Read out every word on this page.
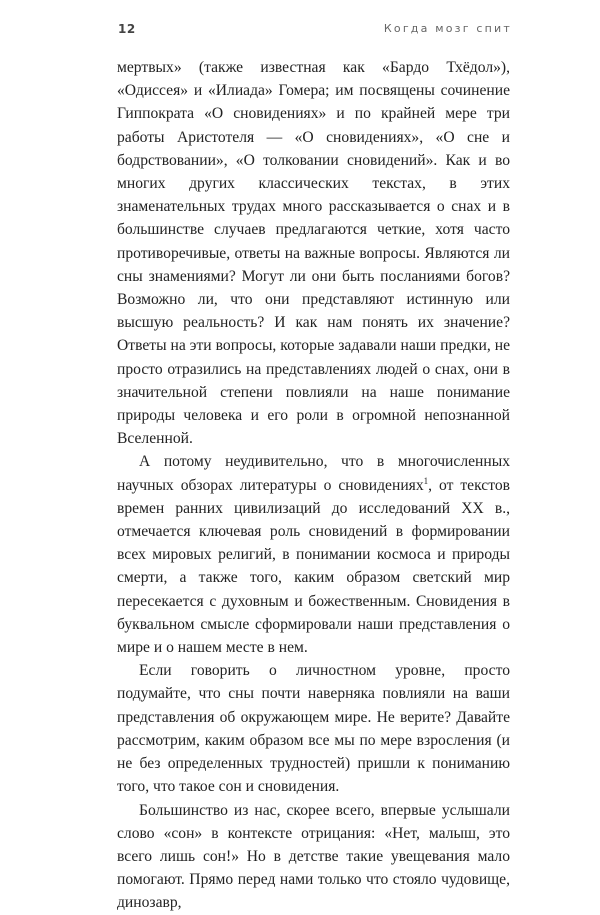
12	Когда мозг спит

мертвых» (также известная как «Бардо Тхёдол»), «Одиссея» и «Илиада» Гомера; им посвящены сочинение Гиппократа «О сновидениях» и по крайней мере три работы Аристотеля — «О сновидениях», «О сне и бодрствовании», «О толковании сновидений». Как и во многих других классических текстах, в этих знаменательных трудах много рассказывается о снах и в большинстве случаев предлагаются четкие, хотя часто противоречивые, ответы на важные вопросы. Являются ли сны знамениями? Могут ли они быть посланиями богов? Возможно ли, что они представляют истинную или высшую реальность? И как нам понять их значение? Ответы на эти вопросы, которые задавали наши предки, не просто отразились на представлениях людей о снах, они в значительной степени повлияли на наше понимание природы человека и его роли в огромной непознанной Вселенной.

А потому неудивительно, что в многочисленных научных обзорах литературы о сновидениях$^1$, от текстов времен ранних цивилизаций до исследований XX в., отмечается ключевая роль сновидений в формировании всех мировых религий, в понимании космоса и природы смерти, а также того, каким образом светский мир пересекается с духовным и божественным. Сновидения в буквальном смысле сформировали наши представления о мире и о нашем месте в нем.

Если говорить о личностном уровне, просто подумайте, что сны почти наверняка повлияли на ваши представления об окружающем мире. Не верите? Давайте рассмотрим, каким образом все мы по мере взросления (и не без определенных трудностей) пришли к пониманию того, что такое сон и сновидения.

Большинство из нас, скорее всего, впервые услышали слово «сон» в контексте отрицания: «Нет, малыш, это всего лишь сон!» Но в детстве такие увещевания мало помогают. Прямо перед нами только что стояло чудовище, динозавр,
